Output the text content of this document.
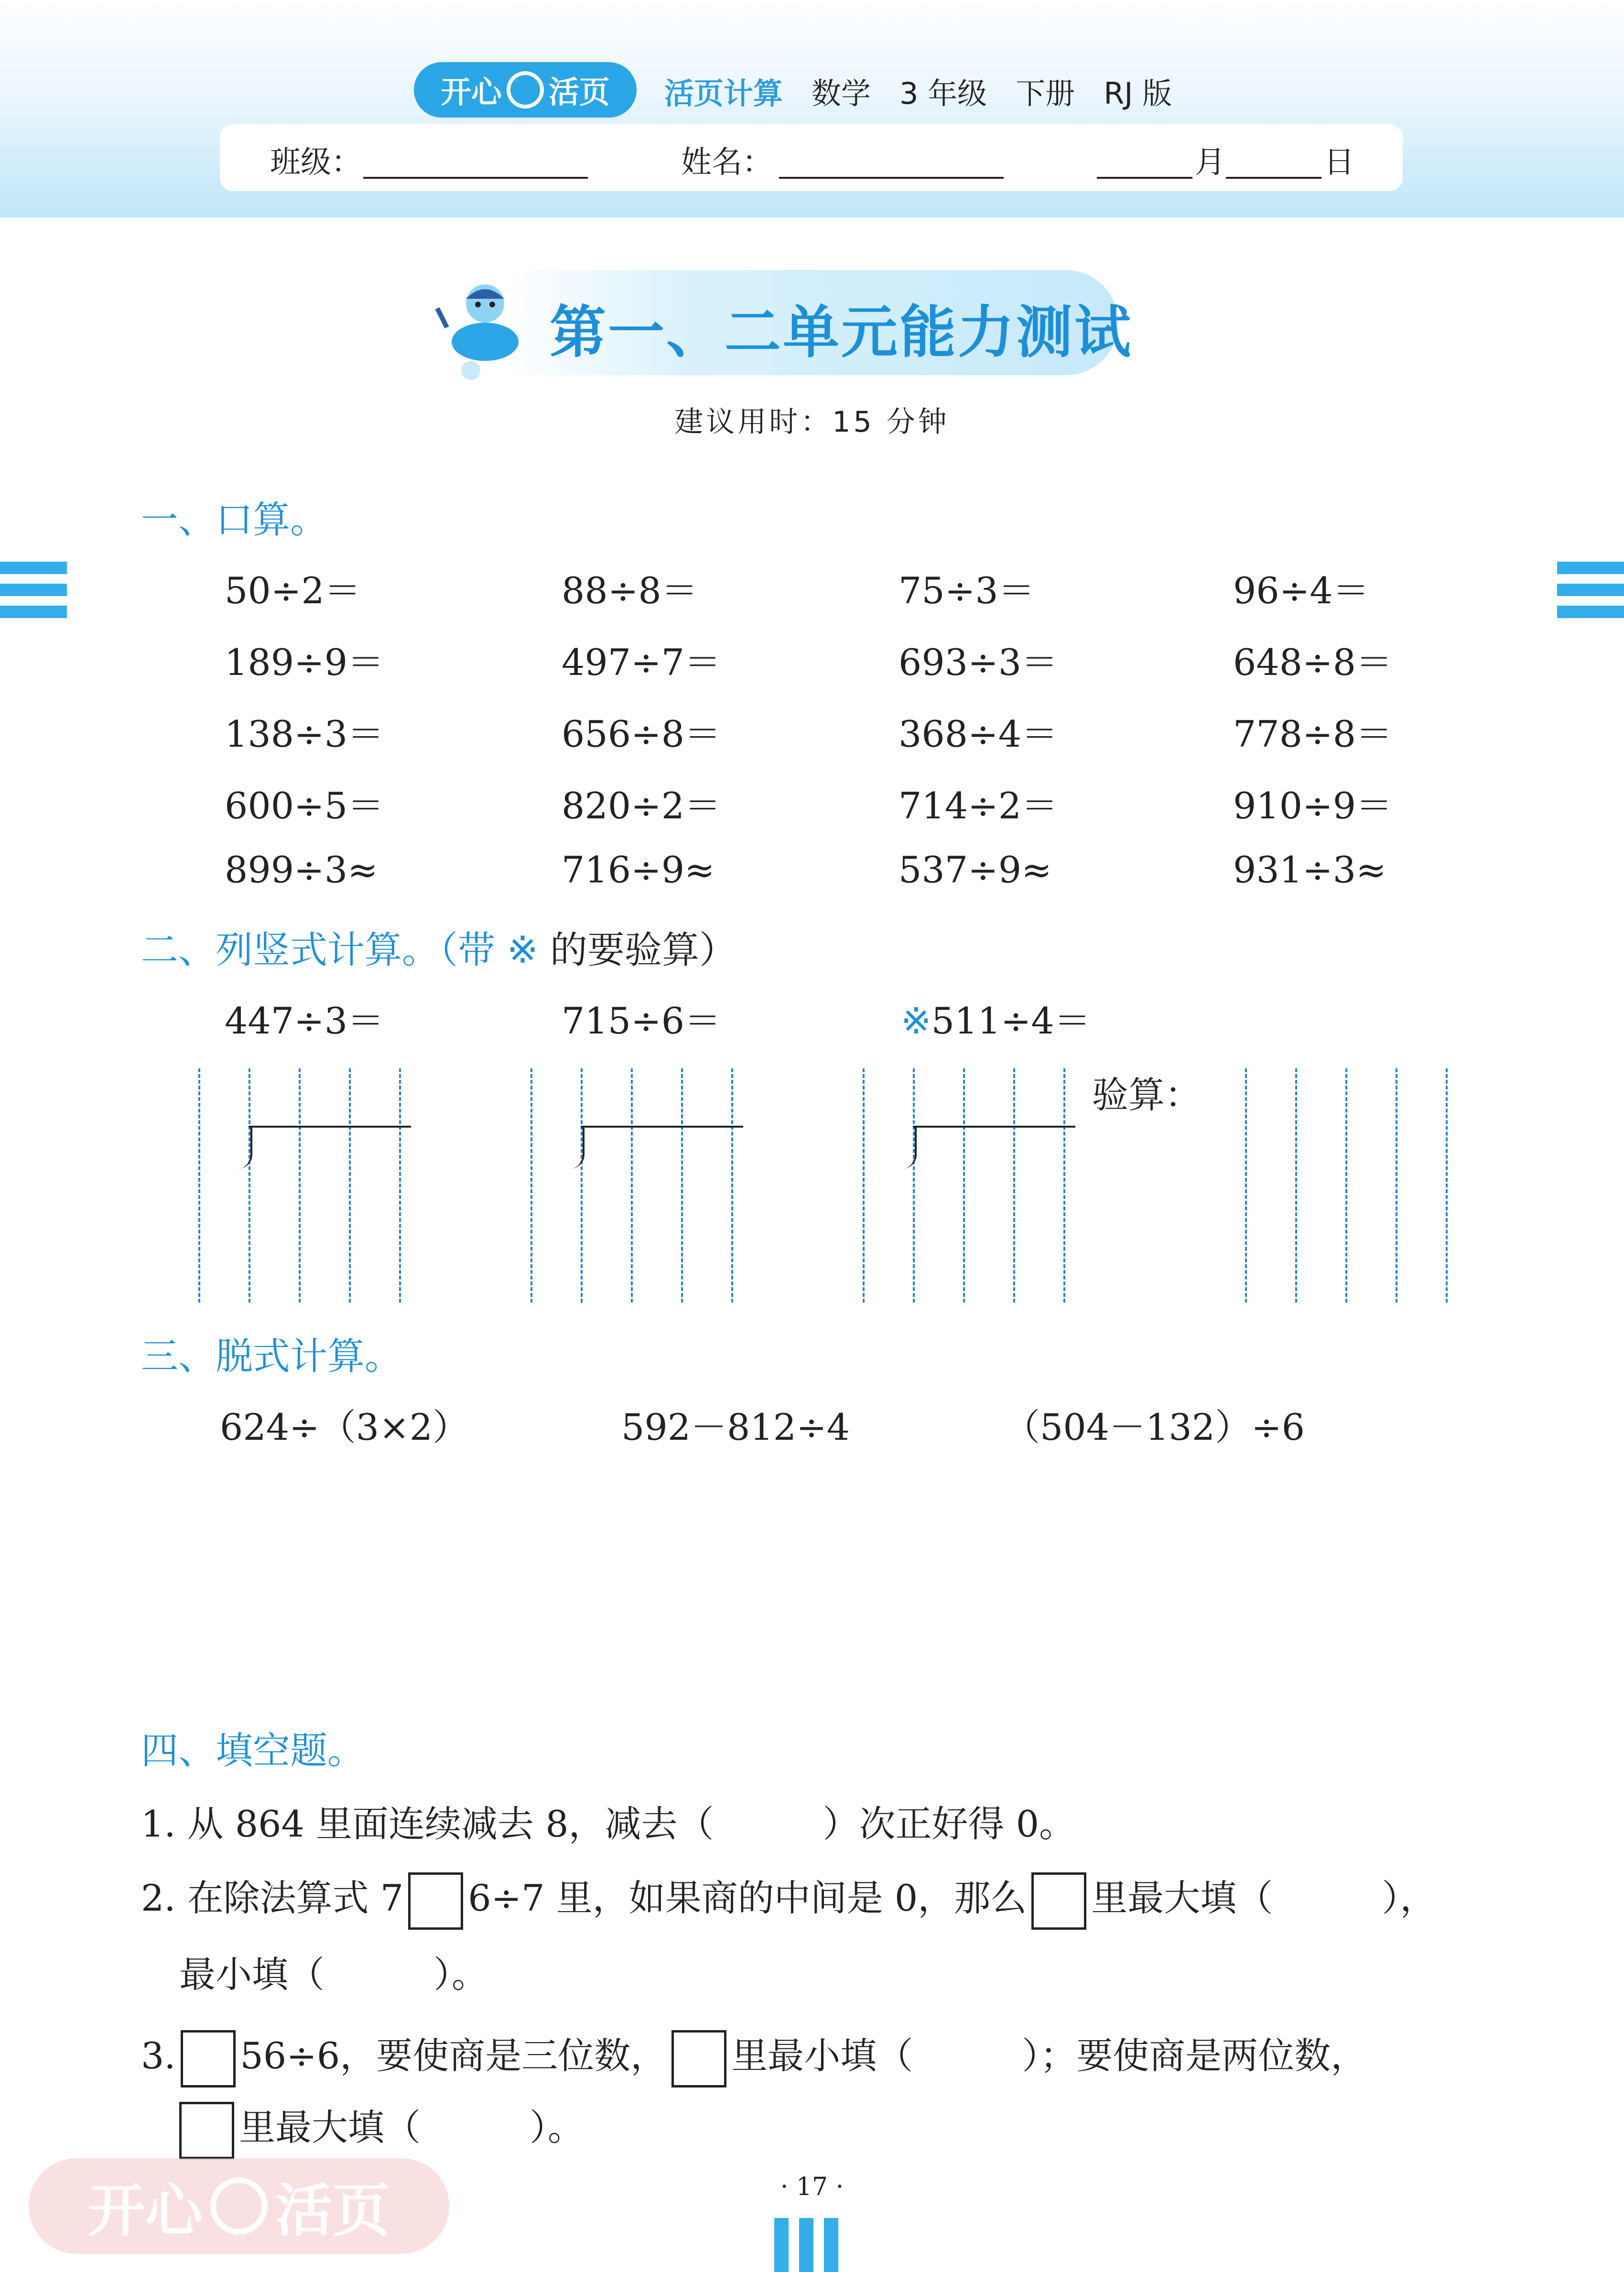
开心 活页 活页计算 数学 3 年级 下册 RJ 版
班级：	姓名：	月	日
第一、二单元能力测试
建议用时：15 分钟
一、口算。
50÷2＝	88÷8＝	75÷3＝	96÷4＝
189÷9＝	497÷7＝	693÷3＝	648÷8＝
138÷3＝	656÷8＝	368÷4＝	778÷8＝
600÷5＝	820÷2＝	714÷2＝	910÷9＝
899÷3≈	716÷9≈	537÷9≈	931÷3≈
二、列竖式计算。（带 ※ 的要验算）
447÷3＝	715÷6＝	※511÷4＝
验算：
三、脱式计算。
624÷（3×2）	592－812÷4	（504－132）÷6
四、填空题。
1. 从 864 里面连续减去 8，减去（　　　）次正好得 0。
2. 在除法算式 7 6÷7 里，如果商的中间是 0，那么 里最大填（　　　），
最小填（　　　）。
3. 56÷6，要使商是三位数， 里最小填（　　　）；要使商是两位数，
里最大填（　　　）。
开心 活页	· 17 ·
